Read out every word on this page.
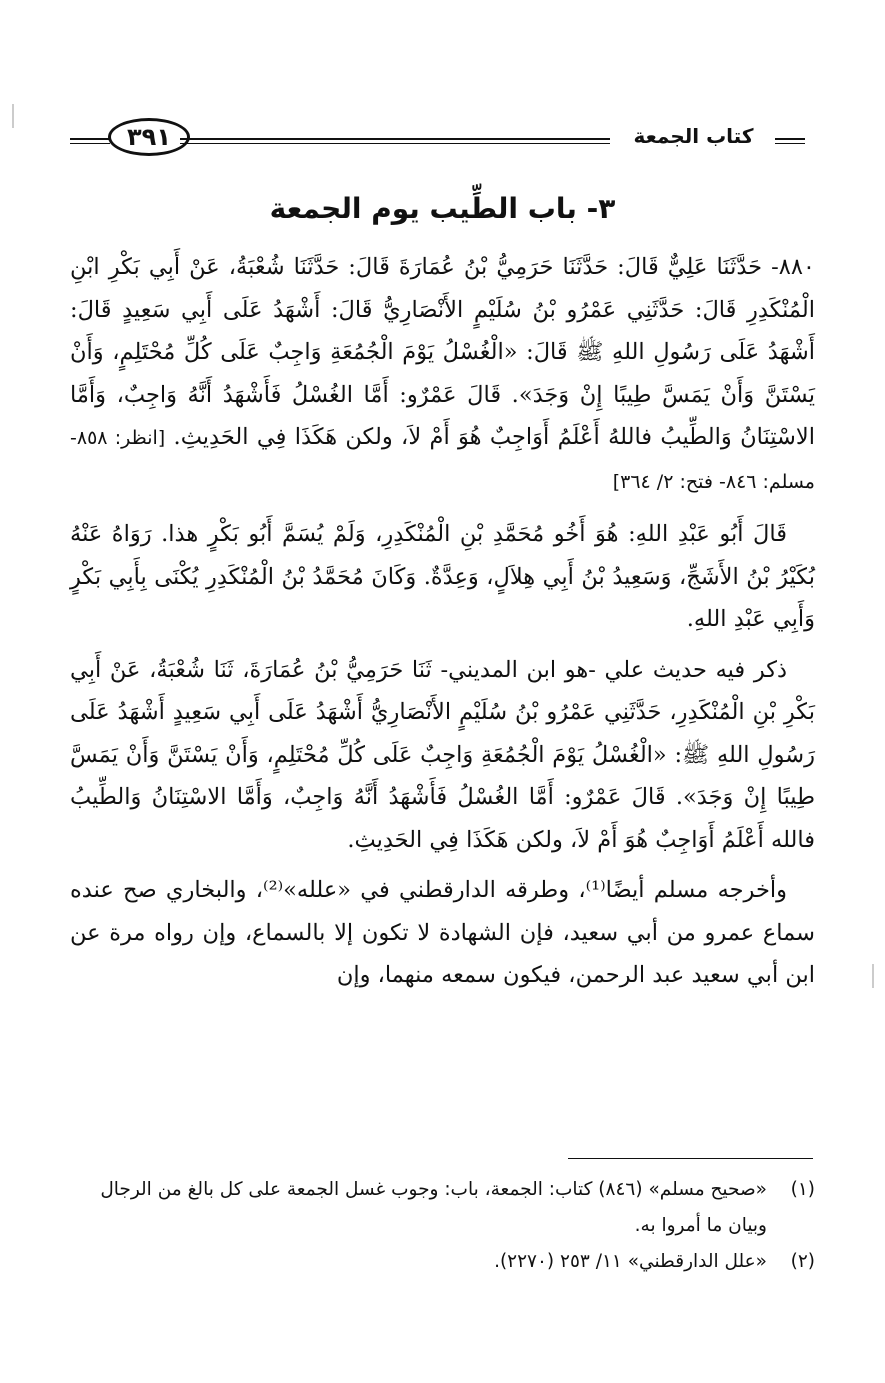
٣٩١	كتاب الجمعة
٣- باب الطِّيب يوم الجمعة

٨٨٠- حَدَّثَنَا عَلِيٌّ قَالَ: حَدَّثَنَا حَرَمِيُّ بْنُ عُمَارَةَ قَالَ: حَدَّثَنَا شُعْبَةُ، عَنْ أَبِي بَكْرِ ابْنِ الْمُنْكَدِرِ قَالَ: حَدَّثَنِي عَمْرُو بْنُ سُلَيْمٍ الأَنْصَارِيُّ قَالَ: أَشْهَدُ عَلَى أَبِي سَعِيدٍ قَالَ: أَشْهَدُ عَلَى رَسُولِ اللهِ ﷺ قَالَ: «الْغُسْلُ يَوْمَ الْجُمُعَةِ وَاجِبٌ عَلَى كُلِّ مُحْتَلِمٍ، وَأَنْ يَسْتَنَّ وَأَنْ يَمَسَّ طِيبًا إِنْ وَجَدَ». قَالَ عَمْرٌو: أَمَّا الغُسْلُ فَأَشْهَدُ أَنَّهُ وَاجِبٌ، وَأَمَّا الاسْتِنَانُ وَالطِّيبُ فاللهُ أَعْلَمُ أَوَاجِبٌ هُوَ أَمْ لاَ، ولكن هَكَذَا فِي الحَدِيثِ. [انظر: ٨٥٨- مسلم: ٨٤٦- فتح: ٢/ ٣٦٤]

قَالَ أَبُو عَبْدِ اللهِ: هُوَ أَخُو مُحَمَّدِ بْنِ الْمُنْكَدِرِ، وَلَمْ يُسَمَّ أَبُو بَكْرٍ هذا. رَوَاهُ عَنْهُ بُكَيْرُ بْنُ الأَشَجِّ، وَسَعِيدُ بْنُ أَبِي هِلاَلٍ، وَعِدَّةٌ. وَكَانَ مُحَمَّدُ بْنُ الْمُنْكَدِرِ يُكْنَى بِأَبِي بَكْرٍ وَأَبِي عَبْدِ اللهِ.

ذكر فيه حديث علي -هو ابن المديني- ثَنَا حَرَمِيُّ بْنُ عُمَارَةَ، ثَنَا شُعْبَةُ، عَنْ أَبِي بَكْرِ بْنِ الْمُنْكَدِرِ، حَدَّثَنِي عَمْرُو بْنُ سُلَيْمٍ الأَنْصَارِيُّ أَشْهَدُ عَلَى أَبِي سَعِيدٍ أَشْهَدُ عَلَى رَسُولِ اللهِ ﷺ: «الْغُسْلُ يَوْمَ الْجُمُعَةِ وَاجِبٌ عَلَى كُلِّ مُحْتَلِمٍ، وَأَنْ يَسْتَنَّ وَأَنْ يَمَسَّ طِيبًا إِنْ وَجَدَ». قَالَ عَمْرٌو: أَمَّا الغُسْلُ فَأَشْهَدُ أَنَّهُ وَاجِبٌ، وَأَمَّا الاسْتِنَانُ وَالطِّيبُ فالله أَعْلَمُ أَوَاجِبٌ هُوَ أَمْ لاَ، ولكن هَكَذَا فِي الحَدِيثِ.

وأخرجه مسلم أيضًا⁽¹⁾، وطرقه الدارقطني في «علله»⁽²⁾، والبخاري صح عنده سماع عمرو من أبي سعيد، فإن الشهادة لا تكون إلا بالسماع، وإن رواه مرة عن ابن أبي سعيد عبد الرحمن، فيكون سمعه منهما، وإن

(١)
«صحيح مسلم» (٨٤٦) كتاب: الجمعة، باب: وجوب غسل الجمعة على كل بالغ من الرجال وبيان ما أمروا به.
(٢)
«علل الدارقطني» ١١/ ٢٥٣ (٢٢٧٠).
